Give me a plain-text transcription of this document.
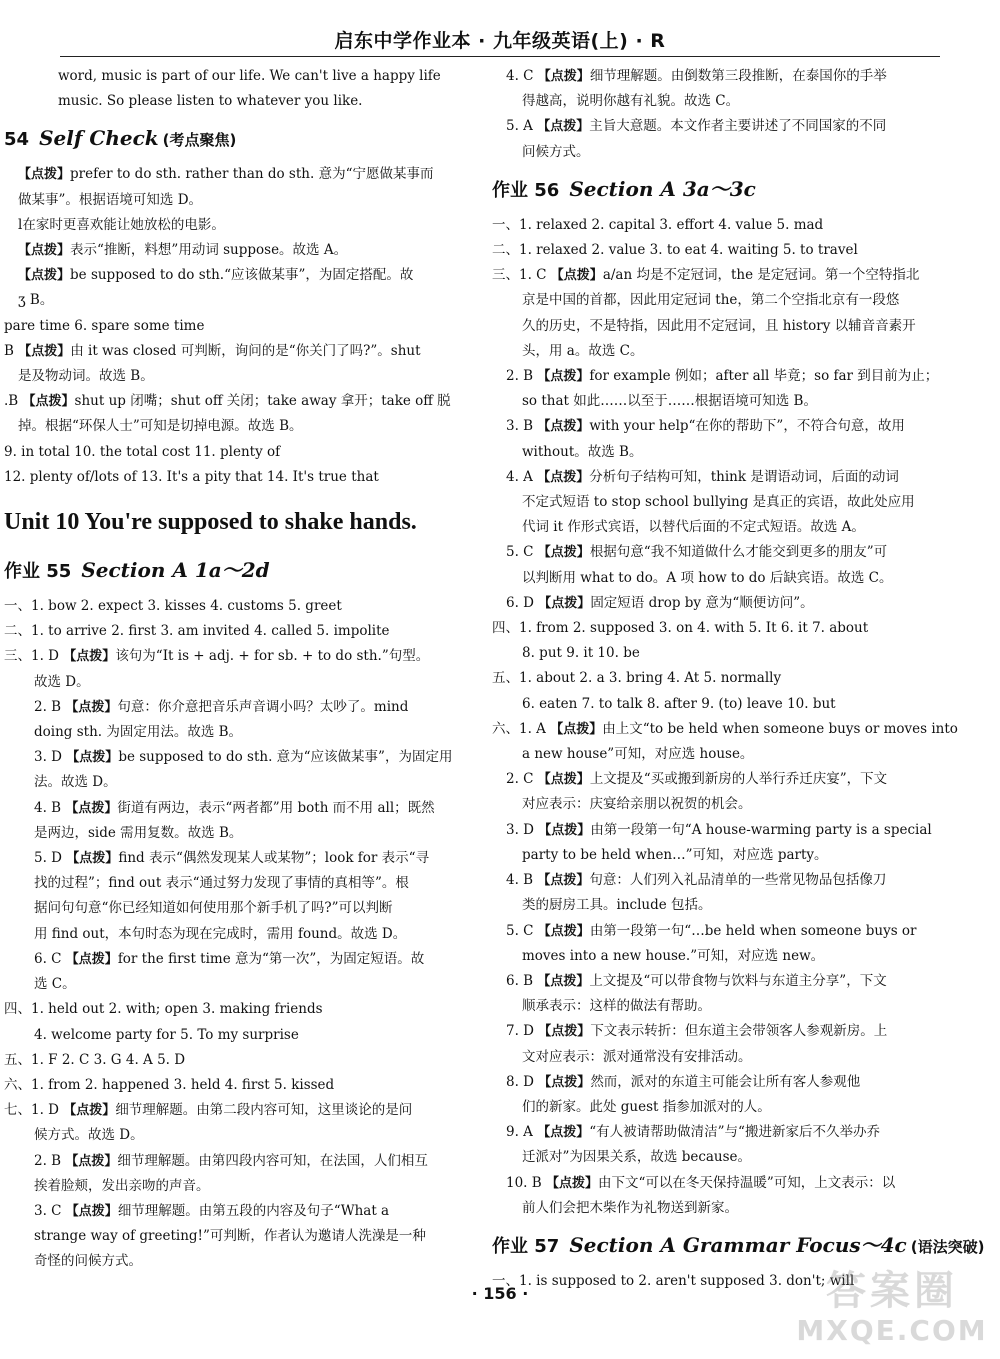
启东中学作业本 · 九年级英语(上) · R
word, music is part of our life. We can't live a happy life
music. So please listen to whatever you like.
54 Self Check (考点聚焦)
【点拨】prefer to do sth. rather than do sth. 意为“宁愿做某事而
做某事”。根据语境可知选 D。
l在家时更喜欢能让她放松的电影。
【点拨】表示“推断，料想”用动词 suppose。故选 A。
【点拨】be supposed to do sth.“应该做某事”，为固定搭配。故
ʒ B。
pare time 6. spare some time
B 【点拨】由 it was closed 可判断，询问的是“你关门了吗?”。shut
是及物动词。故选 B。
.B 【点拨】shut up 闭嘴；shut off 关闭；take away 拿开；take off 脱
掉。根据“环保人士”可知是切掉电源。故选 B。
9. in total 10. the total cost 11. plenty of
12. plenty of/lots of 13. It's a pity that 14. It's true that
Unit 10 You're supposed to shake hands.
作业 55 Section A 1a～2d
一、1. bow 2. expect 3. kisses 4. customs 5. greet
二、1. to arrive 2. first 3. am invited 4. called 5. impolite
三、1. D 【点拨】该句为“It is + adj. + for sb. + to do sth.”句型。
故选 D。
2. B 【点拨】句意：你介意把音乐声音调小吗？太吵了。mind
doing sth. 为固定用法。故选 B。
3. D 【点拨】be supposed to do sth. 意为“应该做某事”，为固定用
法。故选 D。
4. B 【点拨】街道有两边，表示“两者都”用 both 而不用 all；既然
是两边，side 需用复数。故选 B。
5. D 【点拨】find 表示“偶然发现某人或某物”；look for 表示“寻
找的过程”；find out 表示“通过努力发现了事情的真相等”。根
据问句句意“你已经知道如何使用那个新手机了吗?”可以判断
用 find out，本句时态为现在完成时，需用 found。故选 D。
6. C 【点拨】for the first time 意为“第一次”，为固定短语。故
选 C。
四、1. held out 2. with; open 3. making friends
4. welcome party for 5. To my surprise
五、1. F 2. C 3. G 4. A 5. D
六、1. from 2. happened 3. held 4. first 5. kissed
七、1. D 【点拨】细节理解题。由第二段内容可知，这里谈论的是问
候方式。故选 D。
2. B 【点拨】细节理解题。由第四段内容可知，在法国，人们相互
挨着脸颊，发出亲吻的声音。
3. C 【点拨】细节理解题。由第五段的内容及句子“What a
strange way of greeting!”可判断，作者认为邀请人洗澡是一种
奇怪的问候方式。
4. C 【点拨】细节理解题。由倒数第三段推断，在泰国你的手举
得越高，说明你越有礼貌。故选 C。
5. A 【点拨】主旨大意题。本文作者主要讲述了不同国家的不同
问候方式。
作业 56 Section A 3a～3c
一、1. relaxed 2. capital 3. effort 4. value 5. mad
二、1. relaxed 2. value 3. to eat 4. waiting 5. to travel
三、1. C 【点拨】a/an 均是不定冠词，the 是定冠词。第一个空特指北
京是中国的首都，因此用定冠词 the，第二个空指北京有一段悠
久的历史，不是特指，因此用不定冠词，且 history 以辅音音素开
头，用 a。故选 C。
2. B 【点拨】for example 例如；after all 毕竟；so far 到目前为止；
so that 如此……以至于……根据语境可知选 B。
3. B 【点拨】with your help“在你的帮助下”，不符合句意，故用
without。故选 B。
4. A 【点拨】分析句子结构可知，think 是谓语动词，后面的动词
不定式短语 to stop school bullying 是真正的宾语，故此处应用
代词 it 作形式宾语，以替代后面的不定式短语。故选 A。
5. C 【点拨】根据句意“我不知道做什么才能交到更多的朋友”可
以判断用 what to do。A 项 how to do 后缺宾语。故选 C。
6. D 【点拨】固定短语 drop by 意为“顺便访问”。
四、1. from 2. supposed 3. on 4. with 5. It 6. it 7. about
8. put 9. it 10. be
五、1. about 2. a 3. bring 4. At 5. normally
6. eaten 7. to talk 8. after 9. (to) leave 10. but
六、1. A 【点拨】由上文“to be held when someone buys or moves into
a new house”可知，对应选 house。
2. C 【点拨】上文提及“买或搬到新房的人举行乔迁庆宴”，下文
对应表示：庆宴给亲朋以祝贺的机会。
3. D 【点拨】由第一段第一句“A house-warming party is a special
party to be held when…”可知，对应选 party。
4. B 【点拨】句意：人们列入礼品清单的一些常见物品包括像刀
类的厨房工具。include 包括。
5. C 【点拨】由第一段第一句“…be held when someone buys or
moves into a new house.”可知，对应选 new。
6. B 【点拨】上文提及“可以带食物与饮料与东道主分享”，下文
顺承表示：这样的做法有帮助。
7. D 【点拨】下文表示转折：但东道主会带领客人参观新房。上
文对应表示：派对通常没有安排活动。
8. D 【点拨】然而，派对的东道主可能会让所有客人参观他
们的新家。此处 guest 指参加派对的人。
9. A 【点拨】“有人被请帮助做清洁”与“搬进新家后不久举办乔
迁派对”为因果关系，故选 because。
10. B 【点拨】由下文“可以在冬天保持温暖”可知，上文表示：以
前人们会把木柴作为礼物送到新家。
作业 57 Section A Grammar Focus～4c (语法突破)
一、1. is supposed to 2. aren't supposed 3. don't; will
· 156 ·	答案圈
MXQE.COM
